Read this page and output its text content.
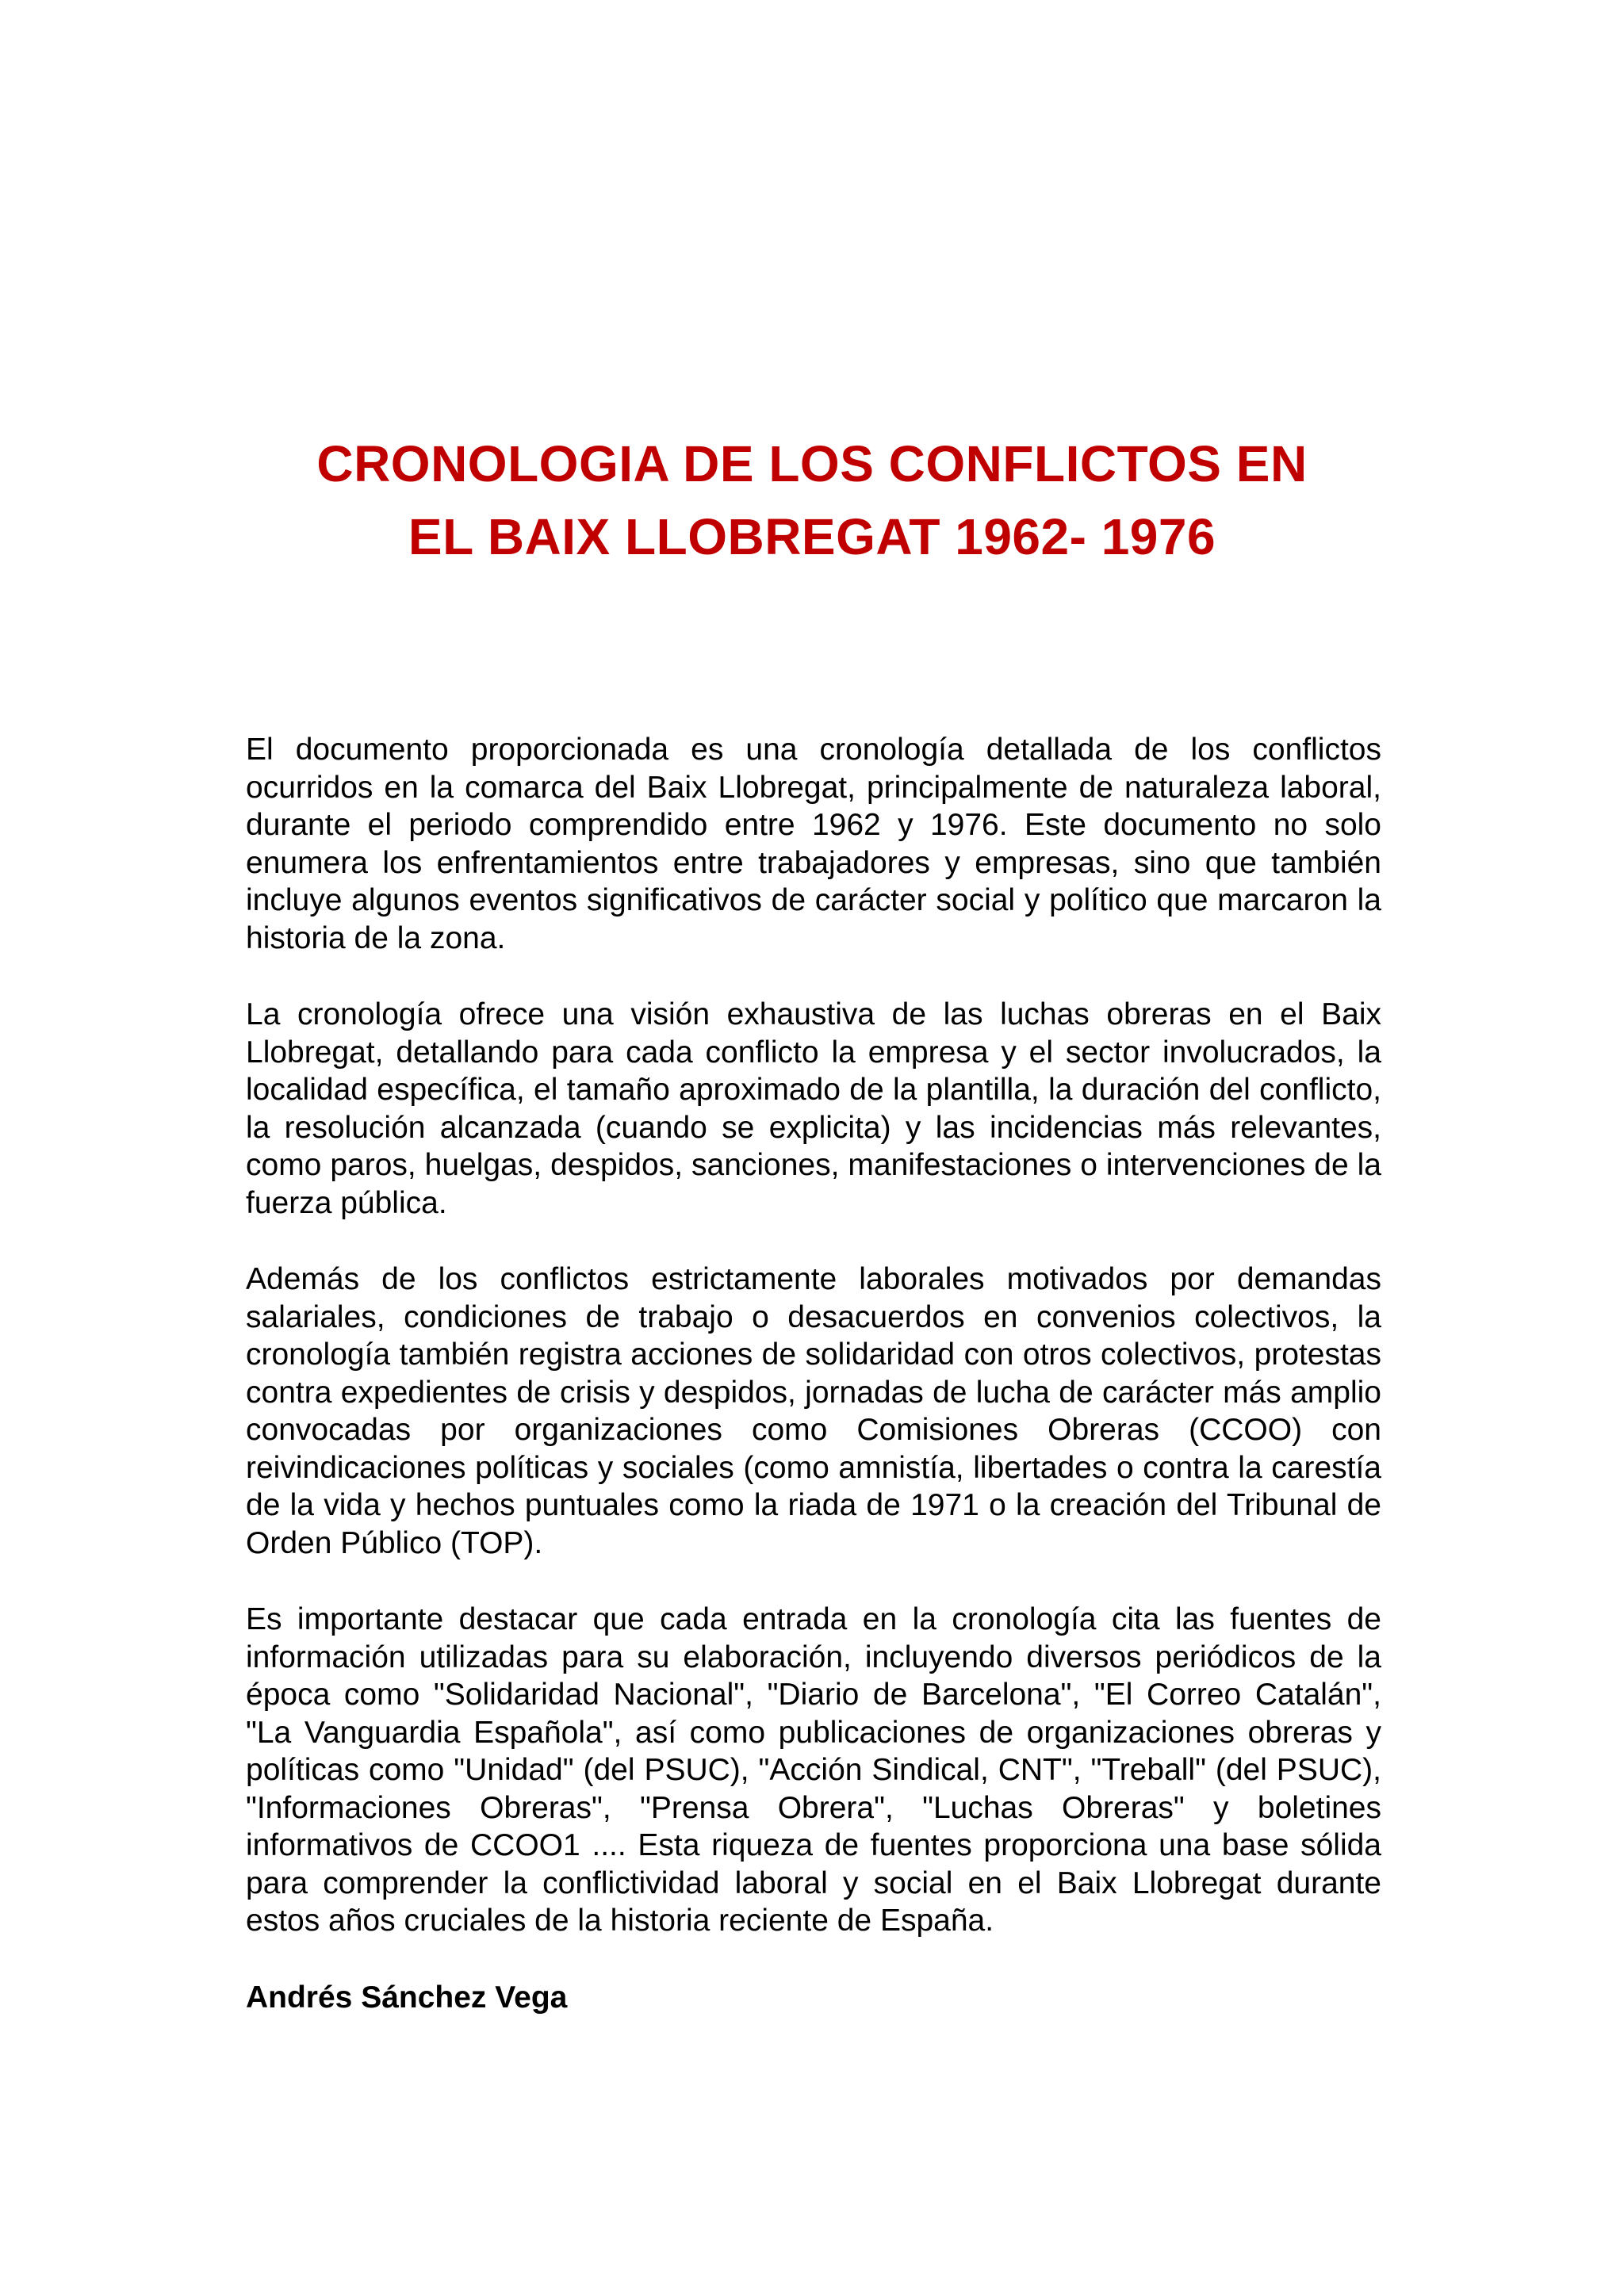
CRONOLOGIA DE LOS CONFLICTOS EN
EL BAIX LLOBREGAT 1962- 1976

El documento proporcionada es una cronología detallada de los conflictos ocurridos en la comarca del Baix Llobregat, principalmente de naturaleza laboral, durante el periodo comprendido entre 1962 y 1976. Este documento no solo enumera los enfrentamientos entre trabajadores y empresas, sino que también incluye algunos eventos significativos de carácter social y político que marcaron la historia de la zona.

La cronología ofrece una visión exhaustiva de las luchas obreras en el Baix Llobregat, detallando para cada conflicto la empresa y el sector involucrados, la localidad específica, el tamaño aproximado de la plantilla, la duración del conflicto, la resolución alcanzada (cuando se explicita) y las incidencias más relevantes, como paros, huelgas, despidos, sanciones, manifestaciones o intervenciones de la fuerza pública.

Además de los conflictos estrictamente laborales motivados por demandas salariales, condiciones de trabajo o desacuerdos en convenios colectivos, la cronología también registra acciones de solidaridad con otros colectivos, protestas contra expedientes de crisis y despidos, jornadas de lucha de carácter más amplio convocadas por organizaciones como Comisiones Obreras (CCOO) con reivindicaciones políticas y sociales (como amnistía, libertades o contra la carestía de la vida y hechos puntuales como la riada de 1971 o la creación del Tribunal de Orden Público (TOP).

Es importante destacar que cada entrada en la cronología cita las fuentes de información utilizadas para su elaboración, incluyendo diversos periódicos de la época como "Solidaridad Nacional", "Diario de Barcelona", "El Correo Catalán", "La Vanguardia Española", así como publicaciones de organizaciones obreras y políticas como "Unidad" (del PSUC), "Acción Sindical, CNT", "Treball" (del PSUC), "Informaciones Obreras", "Prensa Obrera", "Luchas Obreras" y boletines informativos de CCOO1 .... Esta riqueza de fuentes proporciona una base sólida para comprender la conflictividad laboral y social en el Baix Llobregat durante estos años cruciales de la historia reciente de España.

Andrés Sánchez Vega
